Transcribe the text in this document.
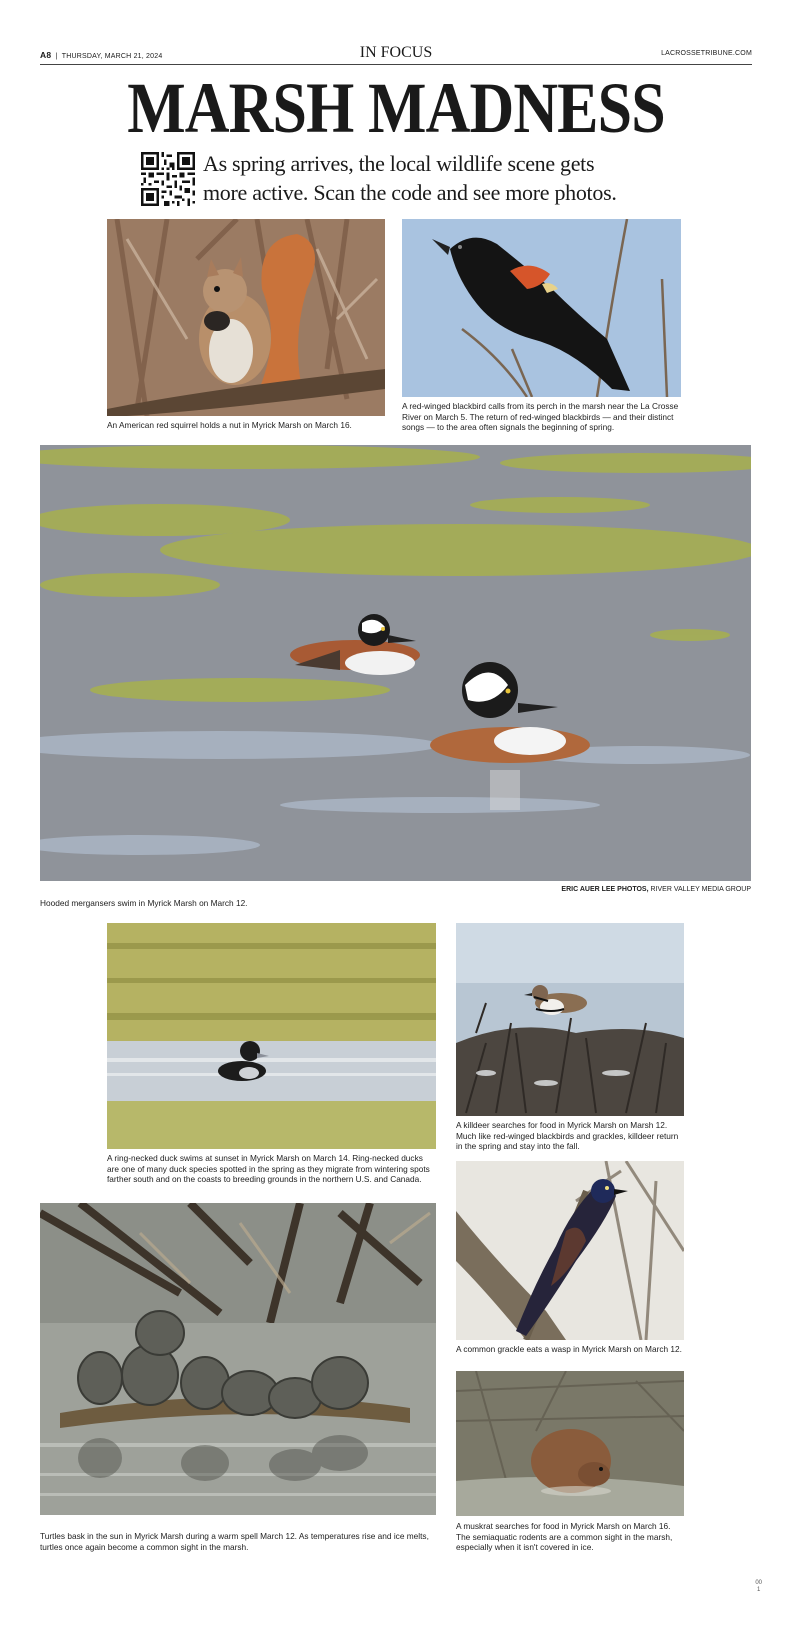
A8  |  THURSDAY, MARCH 21, 2024	IN FOCUS	LACROSSETRIBUNE.COM
MARSH MADNESS
As spring arrives, the local wildlife scene gets
more active. Scan the code and see more photos.
An American red squirrel holds a nut in Myrick Marsh on March 16.
A red-winged blackbird calls from its perch in the marsh near the La Crosse River on March 5. The return of red-winged blackbirds — and their distinct songs — to the area often signals the beginning of spring.
ERIC AUER LEE PHOTOS, RIVER VALLEY MEDIA GROUP
Hooded mergansers swim in Myrick Marsh on March 12.
A ring-necked duck swims at sunset in Myrick Marsh on March 14. Ring-necked ducks are one of many duck species spotted in the spring as they migrate from wintering spots farther south and on the coasts to breeding grounds in the northern U.S. and Canada.
A killdeer searches for food in Myrick Marsh on Marsh 12. Much like red-winged blackbirds and grackles, killdeer return in the spring and stay into the fall.
A common grackle eats a wasp in Myrick Marsh on March 12.
Turtles bask in the sun in Myrick Marsh during a warm spell March 12. As temperatures rise and ice melts, turtles once again become a common sight in the marsh.
A muskrat searches for food in Myrick Marsh on March 16. The semiaquatic rodents are a common sight in the marsh, especially when it isn't covered in ice.
00
1
